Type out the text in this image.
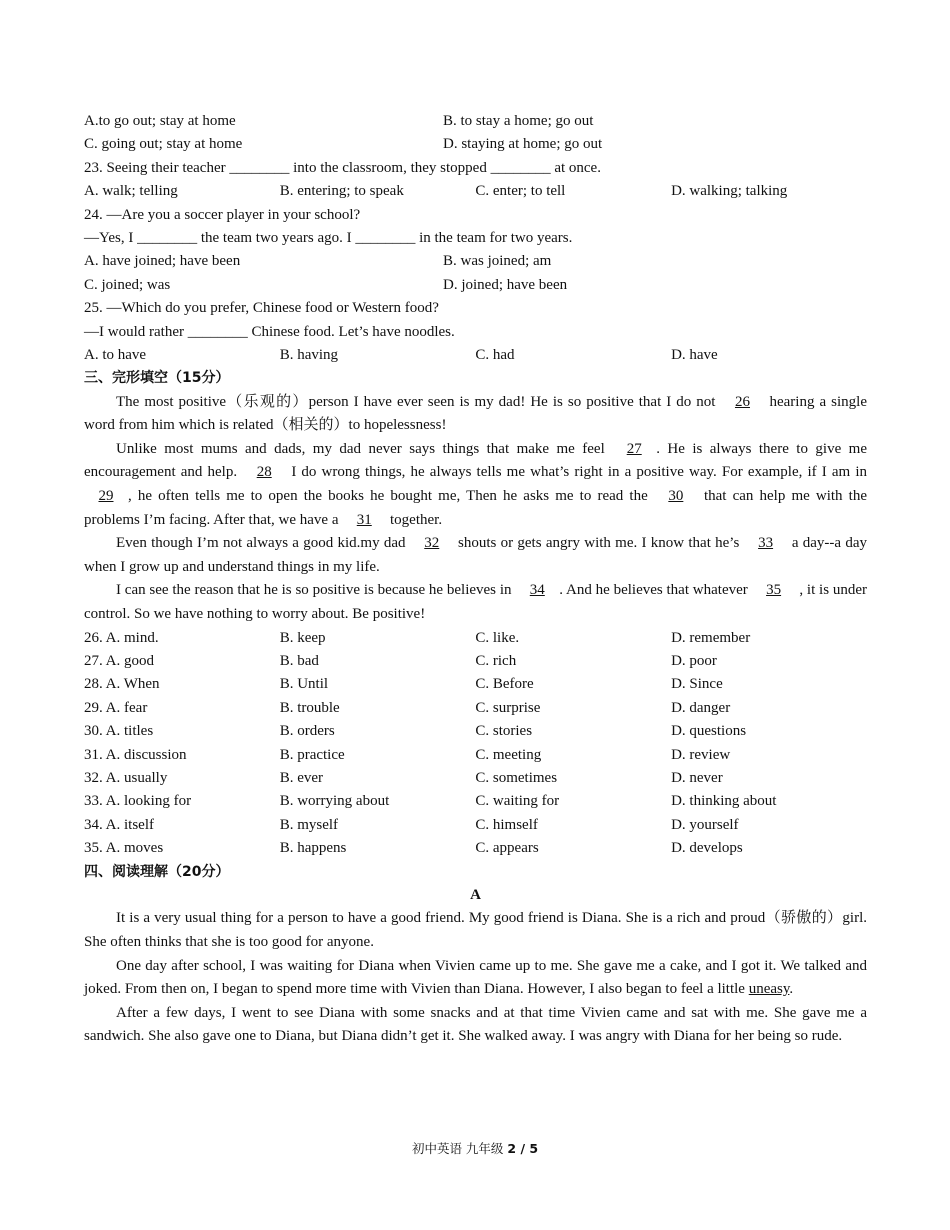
A.to go out; stay at home	B. to stay a home; go out
C. going out; stay at home	D. staying at home; go out
23. Seeing their teacher ________ into the classroom, they stopped ________ at once.
A. walk; telling	B. entering; to speak	C. enter; to tell	D. walking; talking
24. —Are you a soccer player in your school?
—Yes, I ________ the team two years ago. I ________ in the team for two years.
A. have joined; have been	B. was joined; am
C. joined; was	D. joined; have been
25. —Which do you prefer, Chinese food or Western food?
—I would rather ________ Chinese food. Let’s have noodles.
A. to have	B. having	C. had	D. have
三、完形填空（15分）

The most positive（乐观的）person I have ever seen is my dad! He is so positive that I do not 26 hearing a single word from him which is related（相关的）to hopelessness!

Unlike most mums and dads, my dad never says things that make me feel 27 . He is always there to give me encouragement and help. 28 I do wrong things, he always tells me what’s right in a positive way. For example, if I am in 29 , he often tells me to open the books he bought me, Then he asks me to read the 30 that can help me with the problems I’m facing. After that, we have a 31 together.

Even though I’m not always a good kid.my dad 32 shouts or gets angry with me. I know that he’s 33 a day--a day when I grow up and understand things in my life.

I can see the reason that he is so positive is because he believes in 34 . And he believes that whatever 35 , it is under control. So we have nothing to worry about. Be positive!

26. A. mind.	B. keep	C. like.	D. remember
27. A. good	B. bad	C. rich	D. poor
28. A. When	B. Until	C. Before	D. Since
29. A. fear	B. trouble	C. surprise	D. danger
30. A. titles	B. orders	C. stories	D. questions
31. A. discussion	B. practice	C. meeting	D. review
32. A. usually	B. ever	C. sometimes	D. never
33. A. looking for	B. worrying about	C. waiting for	D. thinking about
34. A. itself	B. myself	C. himself	D. yourself
35. A. moves	B. happens	C. appears	D. develops
四、阅读理解（20分）
A

It is a very usual thing for a person to have a good friend. My good friend is Diana. She is a rich and proud（骄傲的）girl. She often thinks that she is too good for anyone.

One day after school, I was waiting for Diana when Vivien came up to me. She gave me a cake, and I got it. We talked and joked. From then on, I began to spend more time with Vivien than Diana. However, I also began to feel a little uneasy.

After a few days, I went to see Diana with some snacks and at that time Vivien came and sat with me. She gave me a sandwich. She also gave one to Diana, but Diana didn’t get it. She walked away. I was angry with Diana for her being so rude.

初中英语 九年级 2 / 5
